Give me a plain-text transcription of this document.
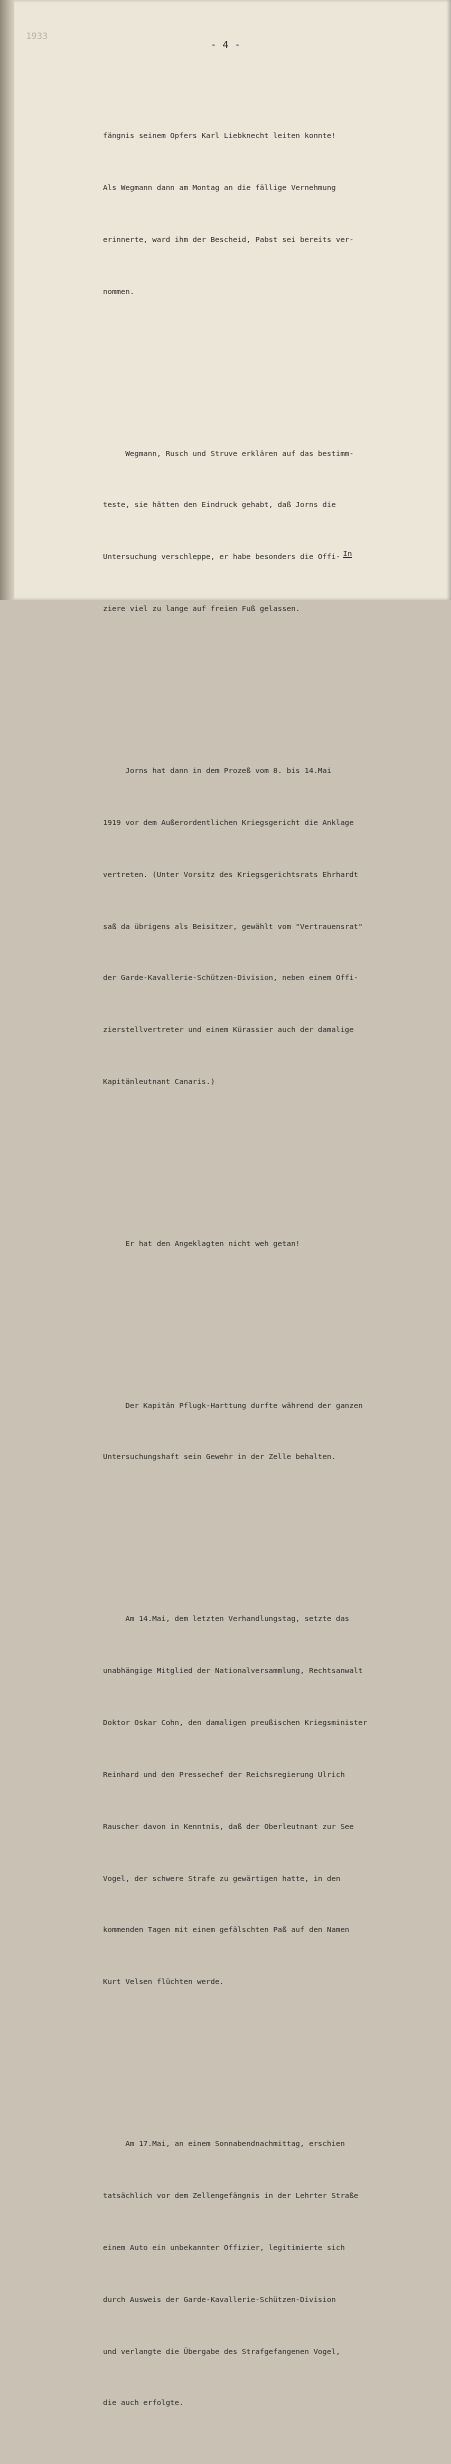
1933
- 4 -

fängnis seinem Opfers Karl Liebknecht leiten konnte!

Als Wegmann dann am Montag an die fällige Vernehmung

erinnerte, ward ihm der Bescheid, Pabst sei bereits ver-

nommen.

Wegmann, Rusch und Struve erklären auf das bestimm-

teste, sie hätten den Eindruck gehabt, daß Jorns die

Untersuchung verschleppe, er habe besonders die Offi-

ziere viel zu lange auf freien Fuß gelassen.

Jorns hat dann in dem Prozeß vom 8. bis 14.Mai

1919 vor dem Außerordentlichen Kriegsgericht die Anklage

vertreten. (Unter Vorsitz des Kriegsgerichtsrats Ehrhardt

saß da übrigens als Beisitzer, gewählt vom "Vertrauensrat"

der Garde-Kavallerie-Schützen-Division, neben einem Offi-

zierstellvertreter und einem Kürassier auch der damalige

Kapitänleutnant Canaris.)

Er hat den Angeklagten nicht weh getan!

Der Kapitän Pflugk-Harttung durfte während der ganzen

Untersuchungshaft sein Gewehr in der Zelle behalten.

Am 14.Mai, dem letzten Verhandlungstag, setzte das

unabhängige Mitglied der Nationalversammlung, Rechtsanwalt

Doktor Oskar Cohn, den damaligen preußischen Kriegsminister

Reinhard und den Pressechef der Reichsregierung Ulrich

Rauscher davon in Kenntnis, daß der Oberleutnant zur See

Vogel, der schwere Strafe zu gewärtigen hatte, in den

kommenden Tagen mit einem gefälschten Paß auf den Namen

Kurt Velsen flüchten werde.

Am 17.Mai, an einem Sonnabendnachmittag, erschien

tatsächlich vor dem Zellengefängnis in der Lehrter Straße

einem Auto ein unbekannter Offizier, legitimierte sich

durch Ausweis der Garde-Kavallerie-Schützen-Division

und verlangte die Übergabe des Strafgefangenen Vogel,

die auch erfolgte.

In
